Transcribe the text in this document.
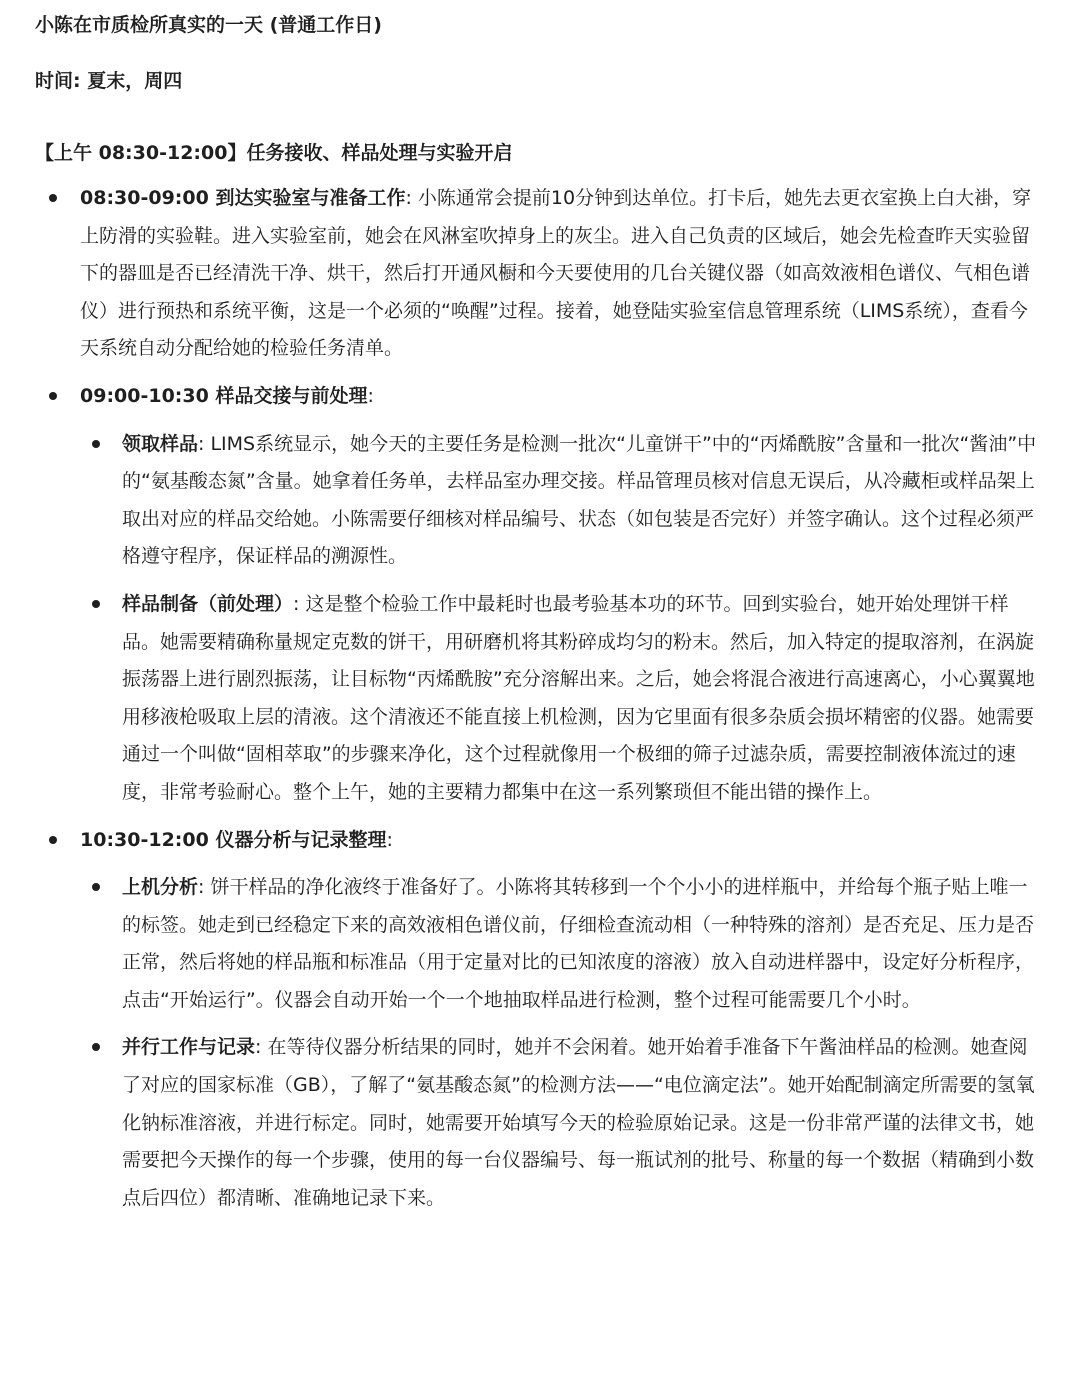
小陈在市质检所真实的一天 (普通工作日)
时间: 夏末，周四
【上午 08:30-12:00】任务接收、样品处理与实验开启
08:30-09:00 到达实验室与准备工作: 小陈通常会提前10分钟到达单位。打卡后，她先去更衣室换上白大褂，穿上防滑的实验鞋。进入实验室前，她会在风淋室吹掉身上的灰尘。进入自己负责的区域后，她会先检查昨天实验留下的器皿是否已经清洗干净、烘干，然后打开通风橱和今天要使用的几台关键仪器（如高效液相色谱仪、气相色谱仪）进行预热和系统平衡，这是一个必须的“唤醒”过程。接着，她登陆实验室信息管理系统（LIMS系统），查看今天系统自动分配给她的检验任务清单。
09:00-10:30 样品交接与前处理:
领取样品: LIMS系统显示，她今天的主要任务是检测一批次“儿童饼干”中的“丙烯酰胺”含量和一批次“酱油”中的“氨基酸态氮”含量。她拿着任务单，去样品室办理交接。样品管理员核对信息无误后，从冷藏柜或样品架上取出对应的样品交给她。小陈需要仔细核对样品编号、状态（如包装是否完好）并签字确认。这个过程必须严格遵守程序，保证样品的溯源性。
样品制备（前处理）: 这是整个检验工作中最耗时也最考验基本功的环节。回到实验台，她开始处理饼干样品。她需要精确称量规定克数的饼干，用研磨机将其粉碎成均匀的粉末。然后，加入特定的提取溶剂，在涡旋振荡器上进行剧烈振荡，让目标物“丙烯酰胺”充分溶解出来。之后，她会将混合液进行高速离心，小心翼翼地用移液枪吸取上层的清液。这个清液还不能直接上机检测，因为它里面有很多杂质会损坏精密的仪器。她需要通过一个叫做“固相萃取”的步骤来净化，这个过程就像用一个极细的筛子过滤杂质，需要控制液体流过的速度，非常考验耐心。整个上午，她的主要精力都集中在这一系列繁琐但不能出错的操作上。
10:30-12:00 仪器分析与记录整理:
上机分析: 饼干样品的净化液终于准备好了。小陈将其转移到一个个小小的进样瓶中，并给每个瓶子贴上唯一的标签。她走到已经稳定下来的高效液相色谱仪前，仔细检查流动相（一种特殊的溶剂）是否充足、压力是否正常，然后将她的样品瓶和标准品（用于定量对比的已知浓度的溶液）放入自动进样器中，设定好分析程序，点击“开始运行”。仪器会自动开始一个一个地抽取样品进行检测，整个过程可能需要几个小时。
并行工作与记录: 在等待仪器分析结果的同时，她并不会闲着。她开始着手准备下午酱油样品的检测。她查阅了对应的国家标准（GB），了解了“氨基酸态氮”的检测方法——“电位滴定法”。她开始配制滴定所需要的氢氧化钠标准溶液，并进行标定。同时，她需要开始填写今天的检验原始记录。这是一份非常严谨的法律文书，她需要把今天操作的每一个步骤，使用的每一台仪器编号、每一瓶试剂的批号、称量的每一个数据（精确到小数点后四位）都清晰、准确地记录下来。
